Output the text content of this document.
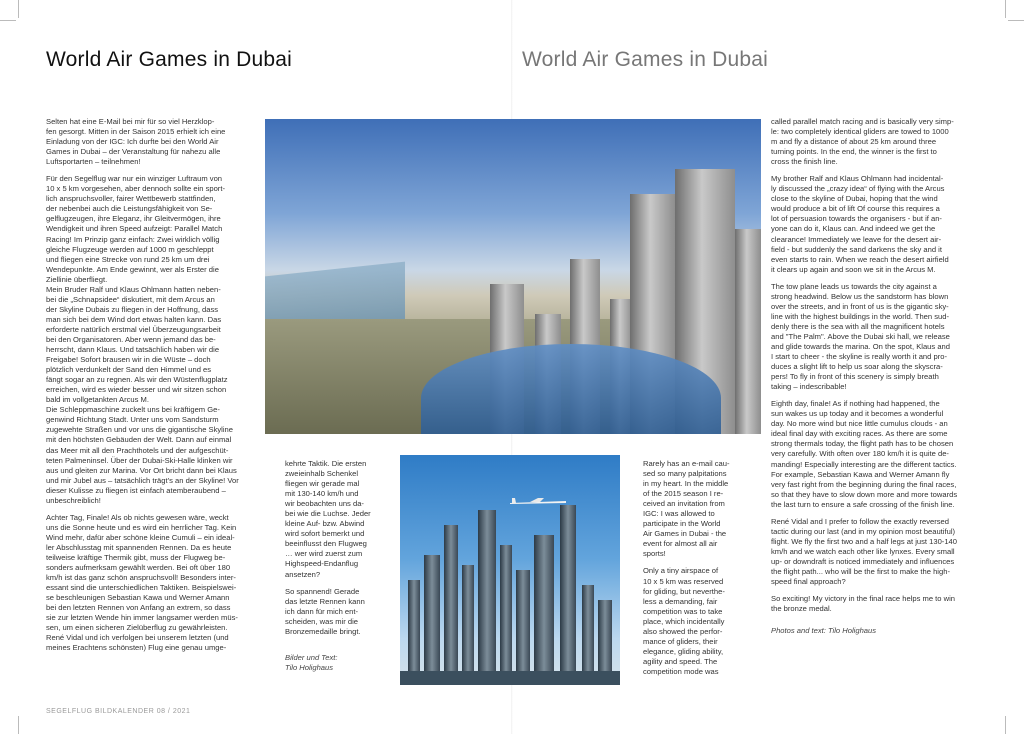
World Air Games in Dubai	World Air Games in Dubai

Selten hat eine E-Mail bei mir für so viel Herzklop-
fen gesorgt. Mitten in der Saison 2015 erhielt ich eine
Einladung von der IGC: Ich durfte bei den World Air
Games in Dubai – der Veranstaltung für nahezu alle
Luftsportarten – teilnehmen!

Für den Segelflug war nur ein winziger Luftraum von
10 x 5 km vorgesehen, aber dennoch sollte ein sport-
lich anspruchsvoller, fairer Wettbewerb stattfinden,
der nebenbei auch die Leistungsfähigkeit von Se-
gelflugzeugen, ihre Eleganz, ihr Gleitvermögen, ihre
Wendigkeit und ihren Speed aufzeigt: Parallel Match
Racing! Im Prinzip ganz einfach: Zwei wirklich völlig
gleiche Flugzeuge werden auf 1000 m geschleppt
und fliegen eine Strecke von rund 25 km um drei
Wendepunkte. Am Ende gewinnt, wer als Erster die
Ziellinie überfliegt.
Mein Bruder Ralf und Klaus Ohlmann hatten neben-
bei die „Schnapsidee“ diskutiert, mit dem Arcus an
der Skyline Dubais zu fliegen in der Hoffnung, dass
man sich bei dem Wind dort etwas halten kann. Das
erforderte natürlich erstmal viel Überzeugungsarbeit
bei den Organisatoren. Aber wenn jemand das be-
herrscht, dann Klaus. Und tatsächlich haben wir die
Freigabe! Sofort brausen wir in die Wüste – doch
plötzlich verdunkelt der Sand den Himmel und es
fängt sogar an zu regnen. Als wir den Wüstenflugplatz
erreichen, wird es wieder besser und wir sitzen schon
bald im vollgetankten Arcus M.
Die Schleppmaschine zuckelt uns bei kräftigem Ge-
genwind Richtung Stadt. Unter uns vom Sandsturm
zugewehte Straßen und vor uns die gigantische Skyline
mit den höchsten Gebäuden der Welt. Dann auf einmal
das Meer mit all den Prachthotels und der aufgeschüt-
teten Palmeninsel. Über der Dubai-Ski-Halle klinken wir
aus und gleiten zur Marina. Vor Ort bricht dann bei Klaus
und mir Jubel aus – tatsächlich trägt’s an der Skyline! Vor
dieser Kulisse zu fliegen ist einfach atemberaubend –
unbeschreiblich!

Achter Tag, Finale! Als ob nichts gewesen wäre, weckt
uns die Sonne heute und es wird ein herrlicher Tag. Kein
Wind mehr, dafür aber schöne kleine Cumuli – ein ideal-
ler Abschlusstag mit spannenden Rennen. Da es heute
teilweise kräftige Thermik gibt, muss der Flugweg be-
sonders aufmerksam gewählt werden. Bei oft über 180
km/h ist das ganz schön anspruchsvoll! Besonders inter-
essant sind die unterschiedlichen Taktiken. Beispielswei-
se beschleunigen Sebastian Kawa und Werner Amann
bei den letzten Rennen von Anfang an extrem, so dass
sie zur letzten Wende hin immer langsamer werden müs-
sen, um einen sicheren Zielüberflug zu gewährleisten.
René Vidal und ich verfolgen bei unserem letzten (und
meines Erachtens schönsten) Flug eine genau umge-

kehrte Taktik. Die ersten
zweieinhalb Schenkel
fliegen wir gerade mal
mit 130-140 km/h und
wir beobachten uns da-
bei wie die Luchse. Jeder
kleine Auf- bzw. Abwind
wird sofort bemerkt und
beeinflusst den Flugweg
… wer wird zuerst zum
Highspeed-Endanflug
ansetzen?

So spannend! Gerade
das letzte Rennen kann
ich dann für mich ent-
scheiden, was mir die
Bronzemedaille bringt.

Bilder und Text:
Tilo Holighaus

Rarely has an e-mail cau-
sed so many palpitations
in my heart. In the middle
of the 2015 season I re-
ceived an invitation from
IGC: I was allowed to
participate in the World
Air Games in Dubai - the
event for almost all air
sports!

Only a tiny airspace of
10 x 5 km was reserved
for gliding, but neverthe-
less a demanding, fair
competition was to take
place, which incidentally
also showed the perfor-
mance of gliders, their
elegance, gliding ability,
agility and speed. The
competition mode was

called parallel match racing and is basically very simp-
le: two completely identical gliders are towed to 1000
m and fly a distance of about 25 km around three
turning points. In the end, the winner is the first to
cross the finish line.

My brother Ralf and Klaus Ohlmann had incidental-
ly discussed the „crazy idea“ of flying with the Arcus
close to the skyline of Dubai, hoping that the wind
would produce a bit of lift Of course this requires a
lot of persuasion towards the organisers - but if an-
yone can do it, Klaus can. And indeed we get the
clearance! Immediately we leave for the desert air-
field - but suddenly the sand darkens the sky and it
even starts to rain. When we reach the desert airfield
it clears up again and soon we sit in the Arcus M.

The tow plane leads us towards the city against a
strong headwind. Below us the sandstorm has blown
over the streets, and in front of us is the gigantic sky-
line with the highest buildings in the world. Then sud-
denly there is the sea with all the magnificent hotels
and "The Palm". Above the Dubai ski hall, we release
and glide towards the marina. On the spot, Klaus and
I start to cheer - the skyline is really worth it and pro-
duces a slight lift to help us soar along the skyscra-
pers! To fly in front of this scenery is simply breath
taking – indescribable!

Eighth day, finale! As if nothing had happened, the
sun wakes us up today and it becomes a wonderful
day. No more wind but nice little cumulus clouds - an
ideal final day with exciting races. As there are some
strong thermals today, the flight path has to be chosen
very carefully. With often over 180 km/h it is quite de-
manding! Especially interesting are the different tactics.
For example, Sebastian Kawa and Werner Amann fly
very fast right from the beginning during the final races,
so that they have to slow down more and more towards
the last turn to ensure a safe crossing of the finish line.

René Vidal and I prefer to follow the exactly reversed
tactic during our last (and in my opinion most beautiful)
flight. We fly the first two and a half legs at just 130-140
km/h and we watch each other like lynxes. Every small
up- or downdraft is noticed immediately and influences
the flight path... who will be the first to make the high-
speed final approach?

So exciting! My victory in the final race helps me to win
the bronze medal.

Photos and text: Tilo Holighaus

SEGELFLUG BILDKALENDER 08 / 2021
